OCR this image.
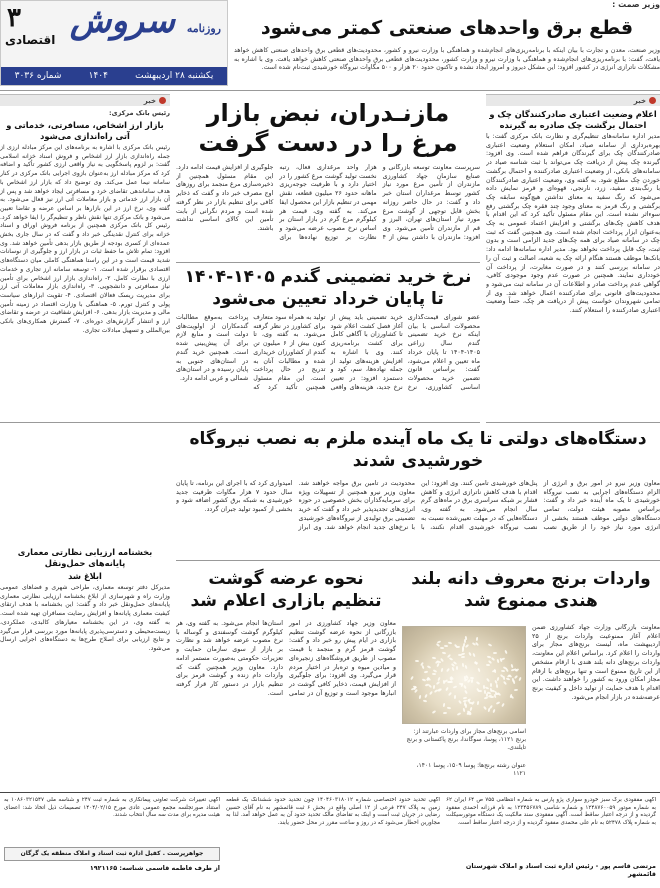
۳
اقتصادی
روزنامه سروش
یکشنبه ۲۸ اردیبهشت
۱۴۰۴
شماره ۳۰۳۶
وزیر صمت :
قطع برق واحدهای صنعتی کمتر می‌شود
وزیر صنعت، معدن و تجارت با بیان اینکه با برنامه‌ریزی‌های انجام‌شده و هماهنگی با وزارت نیرو و کشور، محدودیت‌های قطعی برق واحدهای صنعتی کاهش خواهد یافت، گفت: با برنامه‌ریزی‌های انجام‌شده و هماهنگی با وزارت نیرو و وزارت کشور، محدودیت‌های قطعی برق واحدهای صنعتی کاهش خواهد یافت. وی با اشاره به مشکلات ناترازی انرژی در کشور افزود: این مشکل دیروز و امروز ایجاد نشده و تاکنون حدود ۲۰ هزار و ۵۰۰ مگاوات نیروگاه خورشیدی ثبت‌نام شده است.
خبر
اعلام وضعیت اعتباری صادرکنندگان چک و احتمال برگشت چک صادره به گیرنده
مدیر اداره سامانه‌های تنظیم‌گری و نظارت بانک مرکزی گفت: با بهره‌برداری از سامانه صیاد، امکان استعلام وضعیت اعتباری صادرکنندگان چک برای گیرندگان فراهم شده است. وی افزود: گیرنده چک پیش از دریافت چک می‌تواند با ثبت شناسه صیاد در سامانه‌های بانکی، از وضعیت اعتباری صادرکننده و احتمال برگشت خوردن چک مطلع شود. به گفته وی، وضعیت اعتباری صادرکنندگان با رنگ‌بندی سفید، زرد، نارنجی، قهوه‌ای و قرمز نمایش داده می‌شود که رنگ سفید به معنای نداشتن هیچ‌گونه سابقه چک برگشتی و رنگ قرمز به معنای وجود چند فقره چک برگشتی رفع سوءاثر نشده است. این مقام مسئول تأکید کرد که این اقدام با هدف کاهش چک‌های برگشتی و افزایش اعتماد عمومی به چک به‌عنوان ابزار پرداخت انجام شده است. وی همچنین گفت که ثبت چک در سامانه صیاد برای همه چک‌های جدید الزامی است و بدون ثبت، چک قابل پرداخت نخواهد بود. مدیر اداره سامانه‌ها ادامه داد: بانک‌ها موظف هستند هنگام ارائه چک به شعبه، اصالت و ثبت آن را در سامانه بررسی کنند و در صورت مغایرت، از پرداخت آن خودداری نمایند. همچنین در صورت عدم وجود موجودی کافی، گواهی عدم پرداخت صادر و اطلاعات آن در سامانه ثبت می‌شود و محدودیت‌های قانونی برای صادرکننده اعمال خواهد شد. وی از تمامی شهروندان خواست پیش از دریافت هر چک، حتماً وضعیت اعتباری صادرکننده را استعلام کنند.
مازنـدران، نبض بازار مرغ را در دست گرفت
سرپرست معاونت توسعه بازرگانی و صنایع سازمان جهاد کشاورزی مازندران از تأمین مرغ مورد نیاز کشور توسط مرغداران استان خبر داد و گفت: در حال حاضر روزانه بخش قابل توجهی از گوشت مرغ مورد نیاز استان‌های تهران، البرز و قم از مازندران تأمین می‌شود. وی افزود: مازندران با داشتن بیش از ۴ هزار واحد مرغداری فعال، رتبه نخست تولید گوشت مرغ کشور را در اختیار دارد و با ظرفیت جوجه‌ریزی ماهانه حدود ۲۶ میلیون قطعه، نقش مهمی در تنظیم بازار این محصول ایفا می‌کند. به گفته وی، قیمت هر کیلوگرم مرغ گرم در بازار استان بر اساس نرخ مصوب عرضه می‌شود و نظارت بر توزیع نهاده‌ها برای جلوگیری از افزایش قیمت ادامه دارد. این مقام مسئول همچنین از ذخیره‌سازی مرغ منجمد برای روزهای اوج مصرف خبر داد و گفت که ذخایر کافی برای تنظیم بازار در نظر گرفته شده است و مردم نگرانی از بابت تأمین این کالای اساسی نداشته باشند.
نرخ خرید تضمینی گندم ۱۴۰۵-۱۴۰۴ تا پایان خرداد تعیین می‌شود
عضو شورای قیمت‌گذاری محصولات اساسی با بیان اینکه نرخ خرید تضمینی گندم سال زراعی ۱۴۰۵-۱۴۰۴ تا پایان خرداد ماه تعیین و اعلام می‌شود، گفت: براساس قانون تضمین خرید محصولات اساسی کشاورزی، نرخ خرید تضمینی باید پیش از آغاز فصل کشت اعلام شود تا کشاورزان با آگاهی کامل برای کشت برنامه‌ریزی کنند. وی با اشاره به افزایش هزینه‌های تولید از جمله نهاده‌ها، سم، کود و دستمزد افزود: در تعیین نرخ جدید، هزینه‌های واقعی تولید به همراه سود متعارف برای کشاورز در نظر گرفته می‌شود. به گفته وی، تا کنون بیش از ۶ میلیون تن گندم از کشاورزان خریداری شده و مطالبات آنان به تدریج در حال پرداخت است. این مقام مسئول همچنین تأکید کرد که پرداخت به‌موقع مطالبات گندمکاران از اولویت‌های دولت است و منابع لازم برای آن پیش‌بینی شده است. همچنین خرید گندم در استان‌های جنوبی به پایان رسیده و در استان‌های شمالی و غربی ادامه دارد.
خبر
رئیس بانک مرکزی:
بازار ارز اشخاص، مسافرتی، خدماتی و آتی راه‌اندازی می‌شود
رئیس بانک مرکزی با اشاره به برنامه‌های این مرکز مبادله ارزی از جمله راه‌اندازی بازار ارز اشخاص و فروش اسناد خزانه اسلامی گفت: بر لزوم پاسخگویی به نیاز واقعی ارزی کشور تأکید و اضافه کرد که مرکز مبادله ارز به‌عنوان بازوی اجرایی بانک مرکزی در کنار سامانه نیما عمل می‌کند. وی توضیح داد که بازار ارز اشخاص با هدف ساماندهی تقاضای خرد و مسافرتی ایجاد خواهد شد و پس از آن بازار ارز خدماتی و بازار معاملات آتی ارز نیز فعال می‌شود. به گفته وی، نرخ ارز در این بازارها بر اساس عرضه و تقاضا تعیین می‌شود و بانک مرکزی تنها نقش ناظر و تنظیم‌گر را ایفا خواهد کرد. رئیس کل بانک مرکزی همچنین از برنامه فروش اوراق و اسناد خزانه برای کنترل نقدینگی خبر داد و گفت که در سال جاری بخش عمده‌ای از کسری بودجه از طریق بازار بدهی تأمین خواهد شد. وی افزود: تمام تلاش ما حفظ ثبات در بازار ارز و جلوگیری از نوسانات شدید قیمت است و در این راستا هماهنگی کاملی میان دستگاه‌های اقتصادی برقرار شده است. ۱- توسعه سامانه ارز تجاری و خدمات ارزی با نظارت کامل. ۲- راه‌اندازی بازار ارز اشخاص برای تأمین نیاز مسافرتی و دانشجویی. ۳- راه‌اندازی بازار معاملات آتی ارز برای مدیریت ریسک فعالان اقتصادی. ۴- تقویت ابزارهای سیاست پولی و کنترل تورم. ۵- هماهنگی با وزارت اقتصاد در زمینه تأمین مالی و مدیریت بازار بدهی. ۶- افزایش شفافیت در عرضه و تقاضای ارز و انتشار گزارش‌های دوره‌ای. ۷- گسترش همکاری‌های بانکی بین‌المللی و تسهیل مبادلات تجاری.
دستگاه‌های دولتی تا یک ماه آینده ملزم به نصب نیروگاه خورشیدی شدند
معاون وزیر نیرو در امور برق و انرژی از الزام دستگاه‌های اجرایی به نصب نیروگاه خورشیدی تا یک ماه آینده خبر داد و گفت: براساس مصوبه هیئت دولت، تمامی دستگاه‌های دولتی موظف هستند بخشی از انرژی مورد نیاز خود را از طریق نصب پنل‌های خورشیدی تأمین کنند. وی افزود: این اقدام با هدف کاهش ناترازی انرژی و کاهش فشار بر شبکه سراسری برق در ماه‌های گرم سال انجام می‌شود. به گفته وی، دستگاه‌هایی که در مهلت تعیین‌شده نسبت به نصب نیروگاه خورشیدی اقدام نکنند، با محدودیت در تأمین برق مواجه خواهند شد. معاون وزیر نیرو همچنین از تسهیلات ویژه برای سرمایه‌گذاران بخش خصوصی در حوزه انرژی‌های تجدیدپذیر خبر داد و گفت که خرید تضمینی برق تولیدی از نیروگاه‌های خورشیدی با نرخ‌های جدید انجام خواهد شد. وی ابراز امیدواری کرد که با اجرای این برنامه، تا پایان سال حدود ۷ هزار مگاوات ظرفیت جدید خورشیدی به شبکه برق کشور اضافه شود و بخشی از کمبود تولید جبران گردد.
بخشنامه ارزیابی نظارتی معماری پایانه‌های حمل‌ونقل
ابلاغ شد
مدیرکل دفتر توسعه معماری، طراحی شهری و فضاهای عمومی وزارت راه و شهرسازی از ابلاغ بخشنامه ارزیابی نظارتی معماری پایانه‌های حمل‌ونقل خبر داد و گفت: این بخشنامه با هدف ارتقای کیفیت معماری پایانه‌ها و افزایش رضایت مسافران تهیه شده است. به گفته وی، در این بخشنامه معیارهای کالبدی، عملکردی، زیست‌محیطی و دسترسی‌پذیری پایانه‌ها مورد بررسی قرار می‌گیرد و نتایج ارزیابی برای اصلاح طرح‌ها به دستگاه‌های اجرایی ارسال می‌شود.
نحوه عرضه گوشت تنظیم بازاری اعلام شد
معاون وزیر جهاد کشاورزی در امور بازرگانی از نحوه عرضه گوشت تنظیم بازاری در ایام پیش رو خبر داد و گفت: گوشت قرمز گرم و منجمد با قیمت مصوب از طریق فروشگاه‌های زنجیره‌ای و میادین میوه و تره‌بار در اختیار مردم قرار می‌گیرد. وی افزود: برای جلوگیری از افزایش قیمت، ذخایر کافی گوشت در انبارها موجود است و توزیع آن در تمامی استان‌ها انجام می‌شود. به گفته وی، هر کیلوگرم گوشت گوسفندی و گوساله با نرخ مصوب عرضه خواهد شد و نظارت بر بازار از سوی سازمان حمایت و تعزیرات حکومتی به‌صورت مستمر ادامه دارد. معاون وزیر همچنین گفت که واردات دام زنده و گوشت قرمز برای تنظیم بازار در دستور کار قرار گرفته است.
واردات برنج معروف دانه بلند هندی ممنوع شد
معاونت بازرگانی وزارت جهاد کشاورزی ضمن اعلام آغاز ممنوعیت واردات برنج از ۲۵ اردیبهشت ماه، لیست برنج‌های مجاز برای واردات را اعلام کرد. براساس اعلام این معاونت، واردات برنج‌های دانه بلند هندی با ارقام مشخص از این تاریخ ممنوع است و تنها برنج‌های با ارقام مجاز امکان ورود به کشور را خواهند داشت. این اقدام با هدف حمایت از تولید داخل و کیفیت برنج عرضه‌شده در بازار انجام می‌شود.
اسامی برنج‌های مجاز برای واردات عبارتند از: برنج ۱۱۲۱، پوسا، سوگاندا، برنج پاکستانی و برنج تایلندی.
عنوان رشته برنج‌ها: پوسا ۱۵۰۹، پوسا ۱۴۰۱، ۱۱۲۱
آگهی مفقودی برگ سبز خودرو سواری پژو پارس به شماره انتظامی ۷۵۵ ص ۶۴ ایران ۶۲ به شماره موتور ۱۲۴۸۷۶۰۰۵۹ و شماره شاسی ۱۲۳۴۵۶۷۸۹ به نام فرزانه احمدی مفقود گردیده و از درجه اعتبار ساقط است. آگهی مفقودی سند مالکیت یک دستگاه موتورسیکلت به شماره پلاک ۵۲۴۷۸ به نام علی محمدی مفقود گردیده و از درجه اعتبار ساقط است.
مرتضی قاسم پور - رئیس اداره ثبت اسناد و املاک شهرستان قائمشهر
آگهی تحدید حدود اختصاصی شماره ۱۴۰۴۶۰۳۱۸۰۱۲ چون تحدید حدود ششدانگ یک قطعه زمین به پلاک ۲۴۷ فرعی از ۱۲ اصلی واقع در بخش ۶ ثبت قائمشهر به نام آقای حسین رضایی در جریان ثبت است و اینک به تقاضای مالک تحدید حدود آن به عمل خواهد آمد. لذا به مجاورین اخطار می‌شود که در روز و ساعت مقرر در محل حضور یابند.
آگهی تغییرات شرکت تعاونی پیمانکاری به شماره ثبت ۲۴۷ و شناسه ملی ۱۰۸۶۰۳۲۱۵۴۷ به استناد صورتجلسه مجمع عمومی عادی مورخ ۱۴۰۴/۰۲/۱۵ تصمیمات ذیل اتخاذ شد: اعضای هیئت مدیره برای مدت سه سال انتخاب شدند.
جواهرپرست . کفیل اداره ثبت اسناد و املاک منطقه یک گرگان
از طرف فاطمه قاسمی شناسه: ۱۹۲۱۱۶۵
